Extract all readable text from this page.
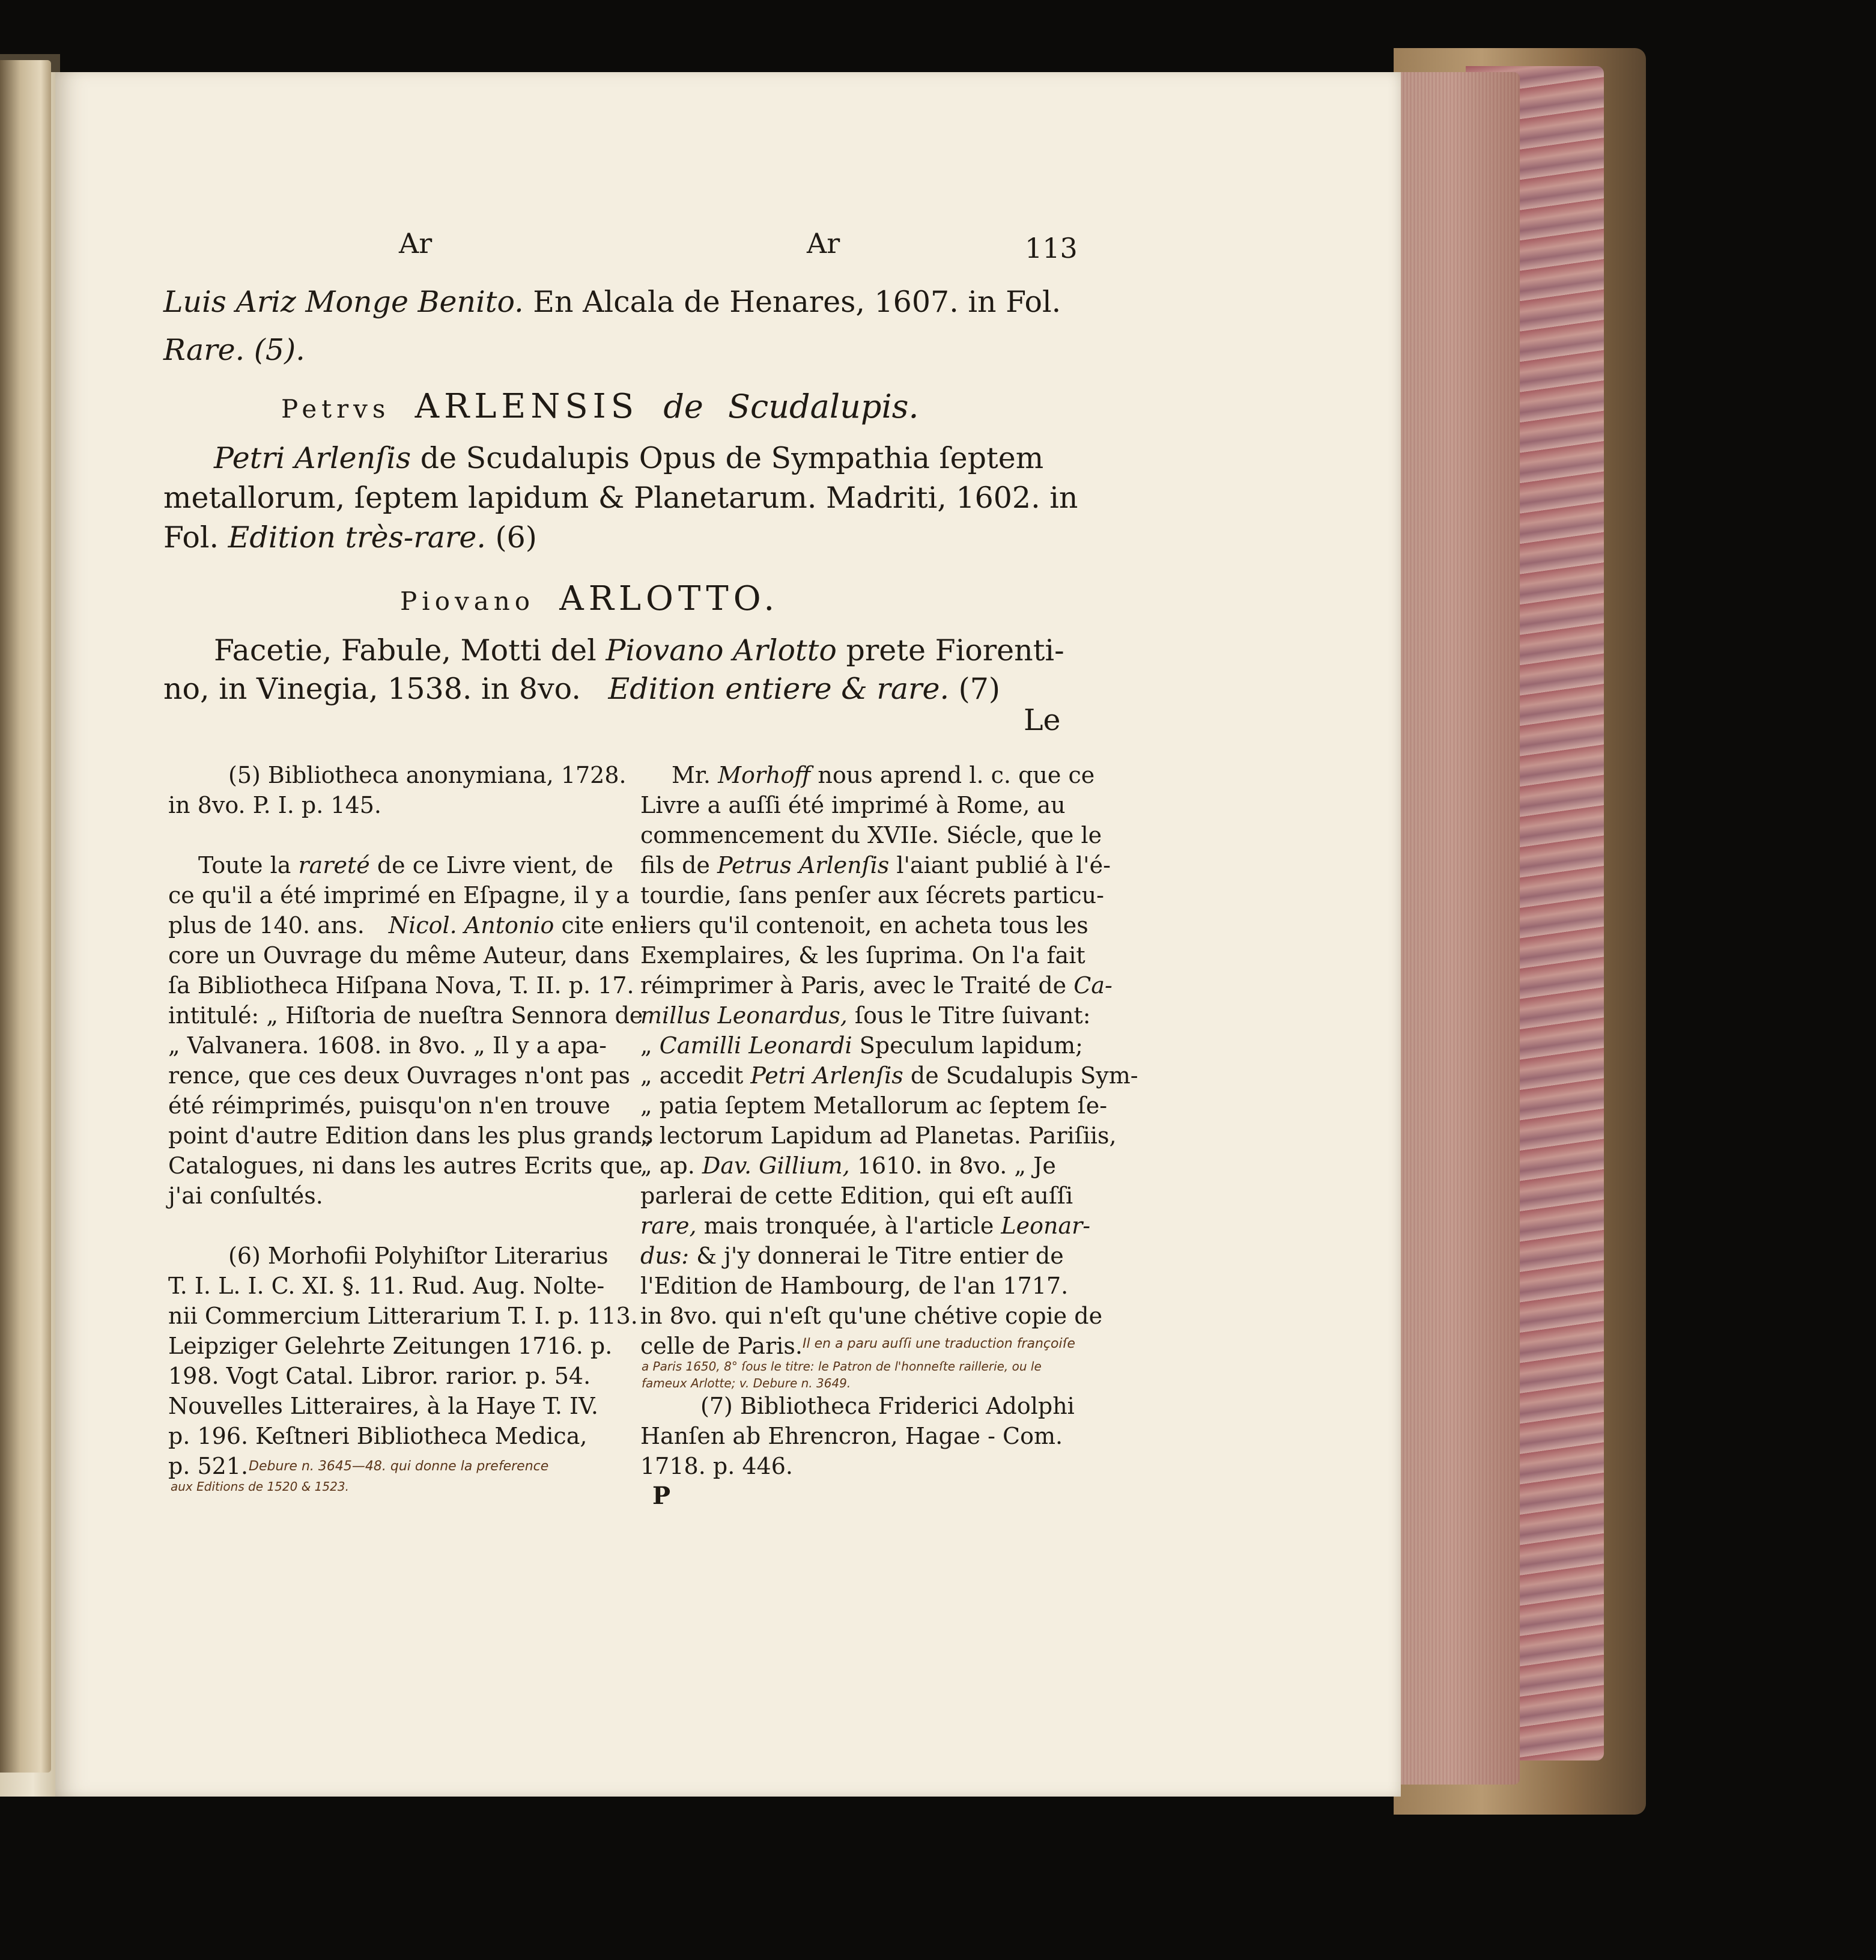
Ar	Ar	113
Luis Ariz Monge Benito. En Alcala de Henares, 1607. in Fol.
Rare. (5).
Petrvs ARLENSIS de Scudalupis.
Petri Arlenſis de Scudalupis Opus de Sympathia ſeptem
metallorum, ſeptem lapidum & Planetarum. Madriti, 1602. in
Fol. Edition très-rare. (6)
Piovano ARLOTTO.
Facetie, Fabule, Motti del Piovano Arlotto prete Fiorenti-
no, in Vinegia, 1538. in 8vo. Edition entiere & rare. (7)
Le
(5) Bibliotheca anonymiana, 1728.
in 8vo. P. I. p. 145.
Toute la rareté de ce Livre vient, de
ce qu'il a été imprimé en Eſpagne, il y a
plus de 140. ans. Nicol. Antonio cite en-
core un Ouvrage du même Auteur, dans
ſa Bibliotheca Hiſpana Nova, T. II. p. 17.
intitulé: „ Hiſtoria de nueſtra Sennora de
„ Valvanera. 1608. in 8vo. „ Il y a apa-
rence, que ces deux Ouvrages n'ont pas
été réimprimés, puisqu'on n'en trouve
point d'autre Edition dans les plus grands
Catalogues, ni dans les autres Ecrits que
j'ai conſultés.
(6) Morhofii Polyhiſtor Literarius
T. I. L. I. C. XI. §. 11. Rud. Aug. Nolte-
nii Commercium Litterarium T. I. p. 113.
Leipziger Gelehrte Zeitungen 1716. p.
198. Vogt Catal. Libror. rarior. p. 54.
Nouvelles Litteraires, à la Haye T. IV.
p. 196. Keſtneri Bibliotheca Medica,
p. 521.
Mr. Morhoff nous aprend l. c. que ce
Livre a auſſi été imprimé à Rome, au
commencement du XVIIe. Siécle, que le
fils de Petrus Arlenſis l'aiant publié à l'é-
tourdie, ſans penſer aux ſécrets particu-
liers qu'il contenoit, en acheta tous les
Exemplaires, & les ſuprima. On l'a fait
réimprimer à Paris, avec le Traité de Ca-
millus Leonardus, ſous le Titre ſuivant:
„ Camilli Leonardi Speculum lapidum;
„ accedit Petri Arlenſis de Scudalupis Sym-
„ patia ſeptem Metallorum ac ſeptem ſe-
„ lectorum Lapidum ad Planetas. Pariſiis,
„ ap. Dav. Gillium, 1610. in 8vo. „ Je
parlerai de cette Edition, qui eſt auſſi
rare, mais tronquée, à l'article Leonar-
dus: & j'y donnerai le Titre entier de
l'Edition de Hambourg, de l'an 1717.
in 8vo. qui n'eſt qu'une chétive copie de
celle de Paris.
(7) Bibliotheca Friderici Adolphi
Hanſen ab Ehrencron, Hagae - Com.
1718. p. 446.
Debure n. 3645—48. qui donne la preference
aux Editions de 1520 & 1523.
Il en a paru auſſi une traduction françoiſe
a Paris 1650, 8° ſous le titre: le Patron de l'honneſte raillerie, ou le
fameux Arlotte; v. Debure n. 3649.
P
